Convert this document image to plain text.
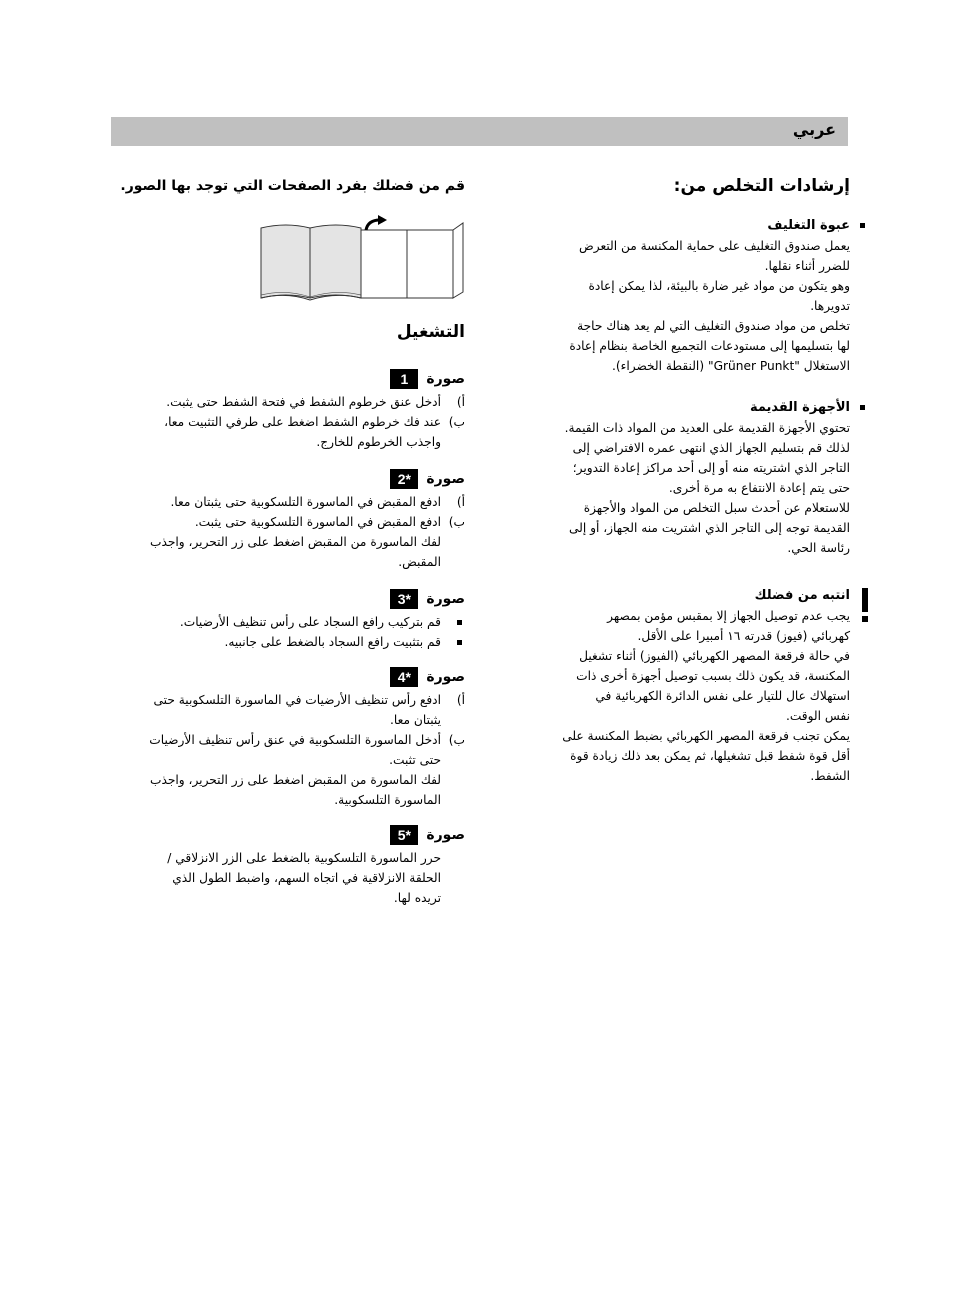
عربي
إرشادات التخلص من:
عبوة التغليف
يعمل صندوق التغليف على حماية المكنسة من التعرض
للضرر أثناء نقلها.
وهو يتكون من مواد غير ضارة بالبيئة، لذا يمكن إعادة
تدويرها.
تخلص من مواد صندوق التغليف التي لم يعد هناك حاجة
لها بتسليمها إلى مستودعات التجميع الخاصة بنظام إعادة
الاستغلال "Grüner Punkt" (النقطة الخضراء).
الأجهزة القديمة
تحتوي الأجهزة القديمة على العديد من المواد ذات القيمة.
لذلك قم بتسليم الجهاز الذي انتهى عمره الافتراضي إلى
التاجر الذي اشتريته منه أو إلى أحد مراكز إعادة التدوير؛
حتى يتم إعادة الانتفاع به مرة أخرى.
للاستعلام عن أحدث سبل التخلص من المواد والأجهزة
القديمة توجه إلى التاجر الذي اشتريت منه الجهاز، أو إلى
رئاسة الحي.
انتبه من فضلك
يجب عدم توصيل الجهاز إلا بمقبس مؤمن بمصهر
كهربائي (فيوز) قدرته ١٦ أمبيرا على الأقل.
في حالة فرقعة المصهر الكهربائي (الفيوز) أثناء تشغيل
المكنسة، قد يكون ذلك بسبب توصيل أجهزة أخرى ذات
استهلاك عال للتيار على نفس الدائرة الكهربائية في
نفس الوقت.
يمكن تجنب فرقعة المصهر الكهربائي بضبط المكنسة على
أقل قوة شفط قبل تشغيلها، ثم يمكن بعد ذلك زيادة قوة
الشفط.
قم من فضلك بفرد الصفحات التي توجد بها الصور.
التشغيل
صورة
1
أ)
أدخل عنق خرطوم الشفط في فتحة الشفط حتى يثبت.
ب)
عند فك خرطوم الشفط اضغط على طرفي التثبيت معا،
واجذب الخرطوم للخارج.
صورة
2*
أ)
ادفع المقبض في الماسورة التلسكوبية حتى يثبتان معا.
ب)
ادفع المقبض في الماسورة التلسكوبية حتى يثبت.
لفك الماسورة من المقبض اضغط على زر التحرير، واجذب
المقبض.
صورة
3*
قم بتركيب رافع السجاد على رأس تنظيف الأرضيات.
قم بتثبيت رافع السجاد بالضغط على جانبيه.
صورة
4*
أ)
ادفع رأس تنظيف الأرضيات في الماسورة التلسكوبية حتى
يثبتان معا.
ب)
أدخل الماسورة التلسكوبية في عنق رأس تنظيف الأرضيات
حتى تثبت.
لفك الماسورة من المقبض اضغط على زر التحرير، واجذب
الماسورة التلسكوبية.
صورة
5*
حرر الماسورة التلسكوبية بالضغط على الزر الانزلاقي /
الحلقة الانزلاقية في اتجاه السهم، واضبط الطول الذي
تريده لها.
